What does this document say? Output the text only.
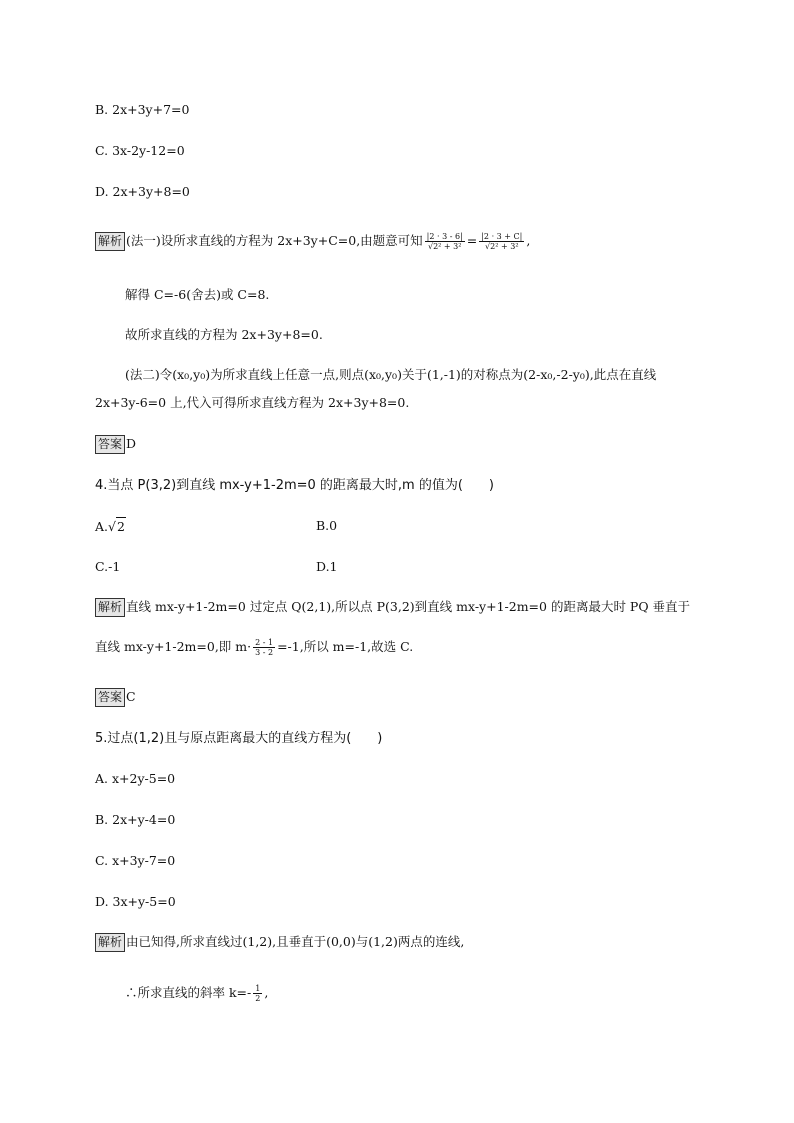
B. 2x+3y+7=0
C. 3x-2y-12=0
D. 2x+3y+8=0
解析 (法一)设所求直线的方程为 2x+3y+C=0,由题意可知 $\frac{|2 \cdot 3 - 6|}{\text{√2² + 3²}} = \frac{|2 \cdot 3 + C|}{\text{√2² + 3²}}$ ,
解得 C=-6(舍去)或 C=8.
故所求直线的方程为 2x+3y+8=0.
(法二)令(x₀,y₀)为所求直线上任意一点,则点(x₀,y₀)关于(1,-1)的对称点为(2-x₀,-2-y₀),此点在直线
2x+3y-6=0 上,代入可得所求直线方程为 2x+3y+8=0.
答案 D
4.当点 P(3,2)到直线 mx-y+1-2m=0 的距离最大时,m 的值为(　　)
A.√2	B.0
C.-1	D.1
解析 直线 mx-y+1-2m=0 过定点 Q(2,1),所以点 P(3,2)到直线 mx-y+1-2m=0 的距离最大时 PQ 垂直于
直线 mx-y+1-2m=0,即 $m\cdot \frac{2 - 1}{3 - 2} =-1$,所以 m=-1,故选 C.
答案 C
5.过点(1,2)且与原点距离最大的直线方程为(　　)
A. x+2y-5=0
B. 2x+y-4=0
C. x+3y-7=0
D. 3x+y-5=0
解析 由已知得,所求直线过(1,2),且垂直于(0,0)与(1,2)两点的连线,
∴所求直线的斜率 $k=- \frac{1}{2}$ ,
